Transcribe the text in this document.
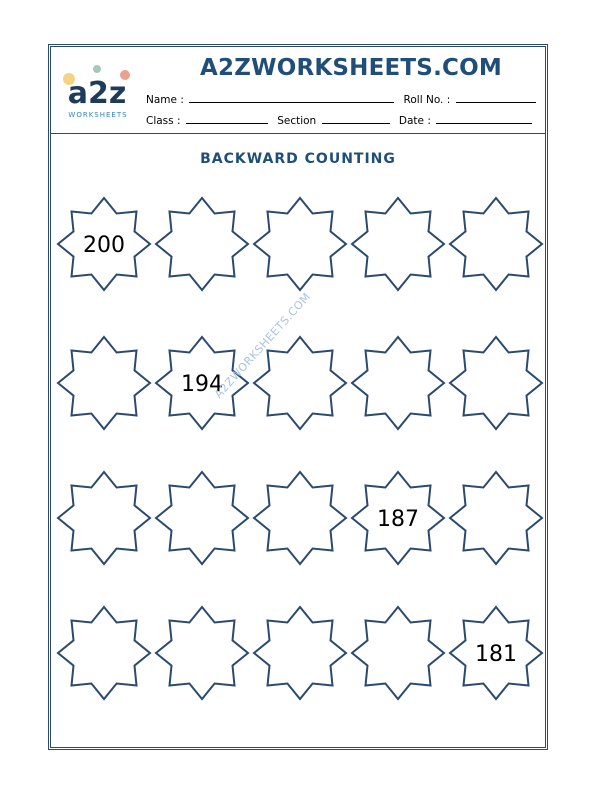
a2z
WORKSHEETS
A2ZWORKSHEETS.COM
Name :	Roll No. :
Class :	Section	Date :
BACKWARD COUNTING
200
194
187
181
A2ZWORKSHEETS.COM
